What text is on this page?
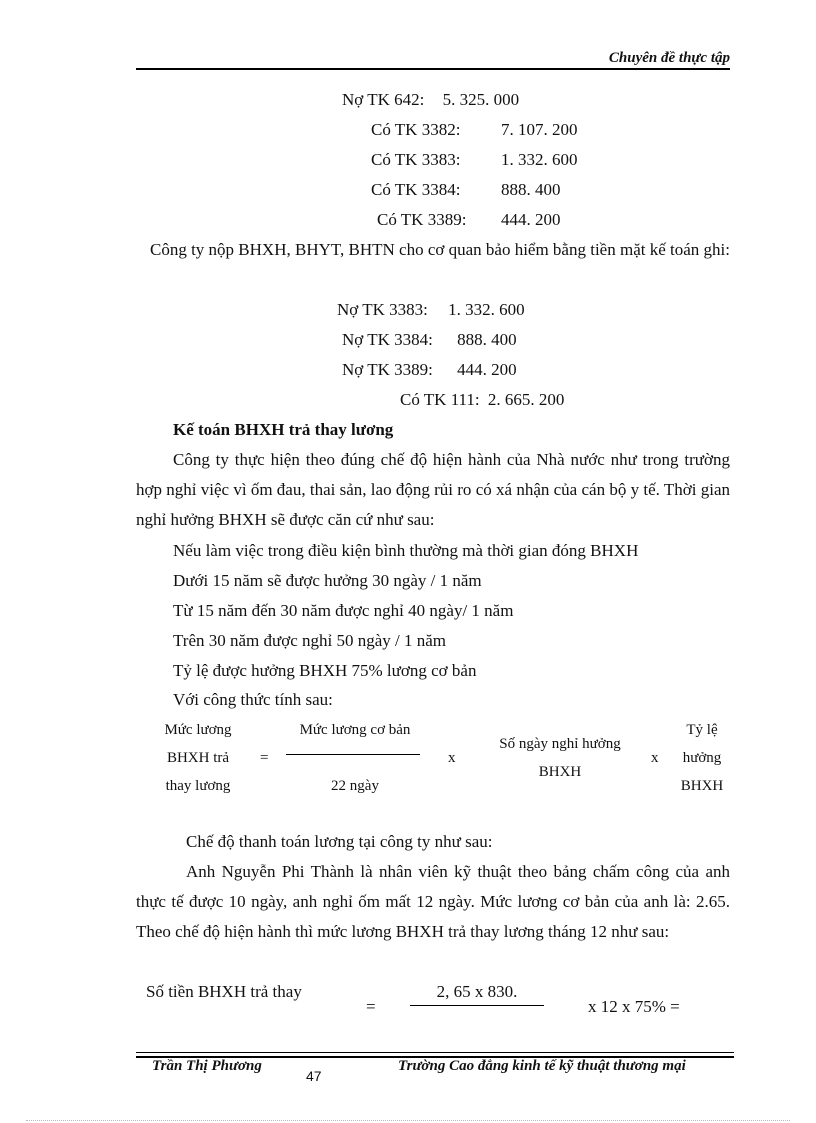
Chuyên đề thực tập
Nợ TK 642: 5. 325. 000
Có TK 3382: 7. 107. 200
Có TK 3383: 1. 332. 600
Có TK 3384: 888. 400
Có TK 3389: 444. 200
Công ty nộp BHXH, BHYT, BHTN cho cơ quan bảo hiểm bằng tiền mặt kế toán ghi:
Nợ TK 3383: 1. 332. 600
Nợ TK 3384: 888. 400
Nợ TK 3389: 444. 200
Có TK 111: 2. 665. 200
Kế toán BHXH trả thay lương
Công ty thực hiện theo đúng chế độ hiện hành của Nhà nước như trong trường hợp nghỉ việc vì ốm đau, thai sản, lao động rủi ro có xá nhận của cán bộ y tế. Thời gian nghỉ hưởng BHXH sẽ được căn cứ như sau:
Nếu làm việc trong điều kiện bình thường mà thời gian đóng BHXH
Dưới 15 năm sẽ được hưởng 30 ngày / 1 năm
Từ 15 năm đến 30 năm được nghỉ 40 ngày/ 1 năm
Trên 30 năm được nghỉ 50 ngày / 1 năm
Tỷ lệ được hưởng BHXH 75% lương cơ bản
Với công thức tính sau:
Mức lương
BHXH trả
thay lương
=
Mức lương cơ bản
22 ngày
x
Số ngày nghỉ hưởng
BHXH
x
Tỷ lệ
hưởng
BHXH
Chế độ thanh toán lương tại công ty như sau:
Anh Nguyễn Phi Thành là nhân viên kỹ thuật theo bảng chấm công của anh thực tế được 10 ngày, anh nghỉ ốm mất 12 ngày. Mức lương cơ bản của anh là: 2.65. Theo chế độ hiện hành thì mức lương BHXH trả thay lương tháng 12 như sau:
Số tiền BHXH trả thay
=
2, 65 x 830.
x 12 x 75% =
Trần Thị Phương
47
Trường Cao đẳng kinh tế kỹ thuật thương mại
